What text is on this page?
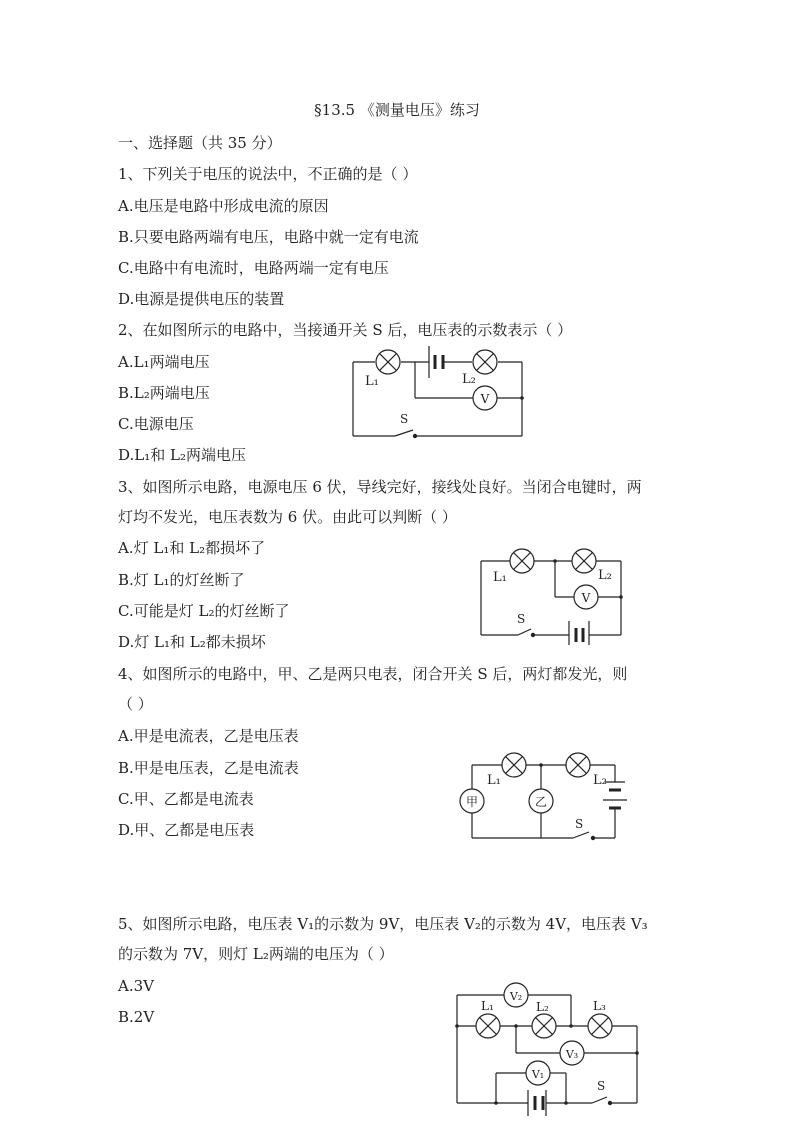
§13.5 《测量电压》练习
一、选择题（共 35 分）
1、下列关于电压的说法中，不正确的是（ ）
A.电压是电路中形成电流的原因
B.只要电路两端有电压，电路中就一定有电流
C.电路中有电流时，电路两端一定有电压
D.电源是提供电压的装置
2、在如图所示的电路中，当接通开关 S 后，电压表的示数表示（ ）
A.L₁两端电压
B.L₂两端电压
C.电源电压
D.L₁和 L₂两端电压
V
L₁	L₂
S
3、如图所示电路，电源电压 6 伏，导线完好，接线处良好。当闭合电键时，两
灯均不发光，电压表数为 6 伏。由此可以判断（ ）
A.灯 L₁和 L₂都损坏了
B.灯 L₁的灯丝断了
C.可能是灯 L₂的灯丝断了
D.灯 L₁和 L₂都未损坏
V
L₁	L₂
S
4、如图所示的电路中，甲、乙是两只电表，闭合开关 S 后，两灯都发光，则
（ ）
A.甲是电流表，乙是电压表
B.甲是电压表，乙是电流表
C.甲、乙都是电流表
D.甲、乙都是电压表
甲	乙
L₁	L₂
S
5、如图所示电路，电压表 V₁的示数为 9V，电压表 V₂的示数为 4V，电压表 V₃
的示数为 7V，则灯 L₂两端的电压为（ ）
A.3V
B.2V
V₂
V₃
V₁
L₁	L₂	L₃
S
